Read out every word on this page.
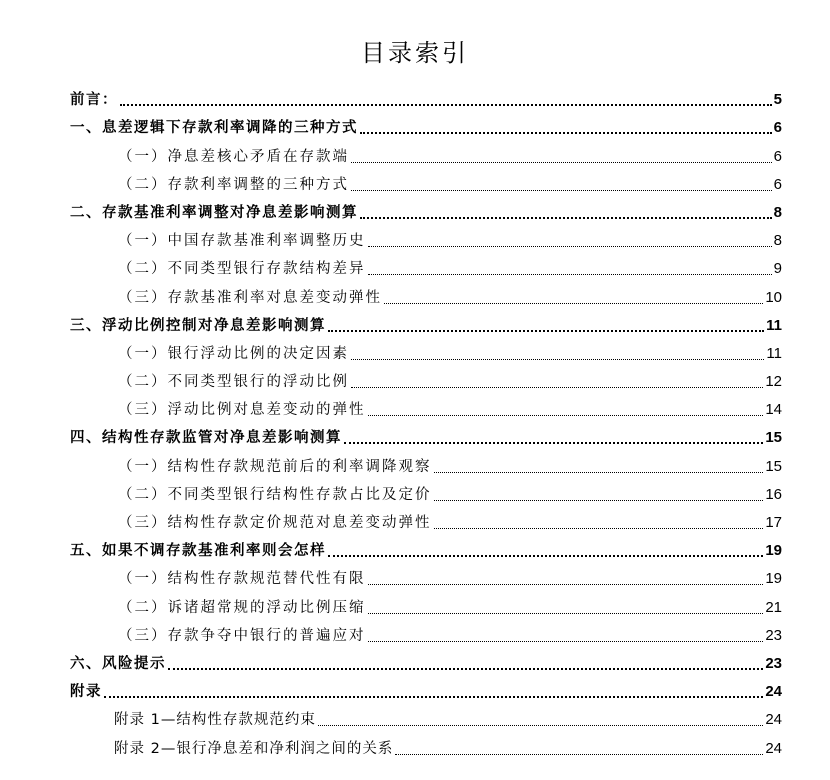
目录索引
前言：	5
一、息差逻辑下存款利率调降的三种方式	6
（一）净息差核心矛盾在存款端	6
（二）存款利率调整的三种方式	6
二、存款基准利率调整对净息差影响测算	8
（一）中国存款基准利率调整历史	8
（二）不同类型银行存款结构差异	9
（三）存款基准利率对息差变动弹性	10
三、浮动比例控制对净息差影响测算	11
（一）银行浮动比例的决定因素	11
（二）不同类型银行的浮动比例	12
（三）浮动比例对息差变动的弹性	14
四、结构性存款监管对净息差影响测算	15
（一）结构性存款规范前后的利率调降观察	15
（二）不同类型银行结构性存款占比及定价	16
（三）结构性存款定价规范对息差变动弹性	17
五、如果不调存款基准利率则会怎样	19
（一）结构性存款规范替代性有限	19
（二）诉诸超常规的浮动比例压缩	21
（三）存款争夺中银行的普遍应对	23
六、风险提示	23
附录	24
附录 1—结构性存款规范约束	24
附录 2—银行净息差和净利润之间的关系	24
